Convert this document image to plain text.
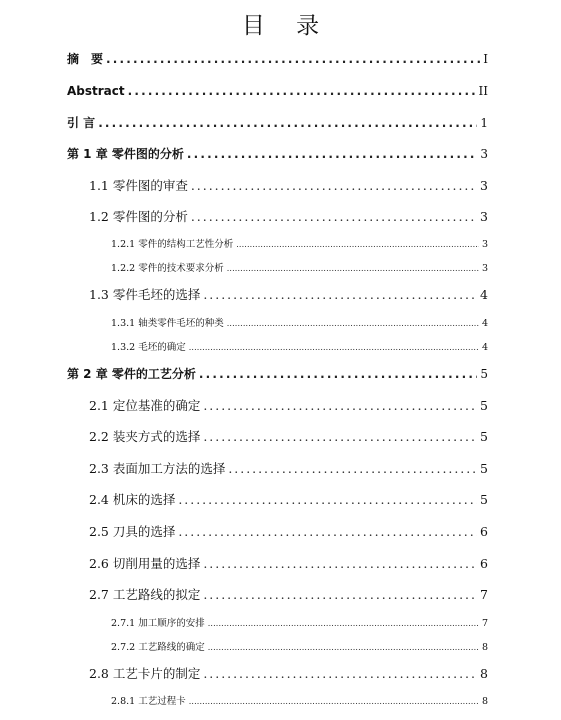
目 录
摘　要 . . .	I
Abstract . . .	II
引 言 . . .	1
第 1 章 零件图的分析 . . .	3
1.1 零件图的审查 . . .	3
1.2 零件图的分析 . . .	3
1.2.1 零件的结构工艺性分析 . . .	3
1.2.2 零件的技术要求分析 . . .	3
1.3 零件毛坯的选择 . . .	4
1.3.1 轴类零件毛坯的种类 . . .	4
1.3.2 毛坯的确定 . . .	4
第 2 章 零件的工艺分析 . . .	5
2.1 定位基准的确定 . . .	5
2.2 装夹方式的选择 . . .	5
2.3 表面加工方法的选择 . . .	5
2.4 机床的选择 . . .	5
2.5 刀具的选择 . . .	6
2.6 切削用量的选择 . . .	6
2.7 工艺路线的拟定 . . .	7
2.7.1 加工顺序的安排 . . .	7
2.7.2 工艺路线的确定 . . .	8
2.8 工艺卡片的制定 . . .	8
2.8.1 工艺过程卡 . . .	8
